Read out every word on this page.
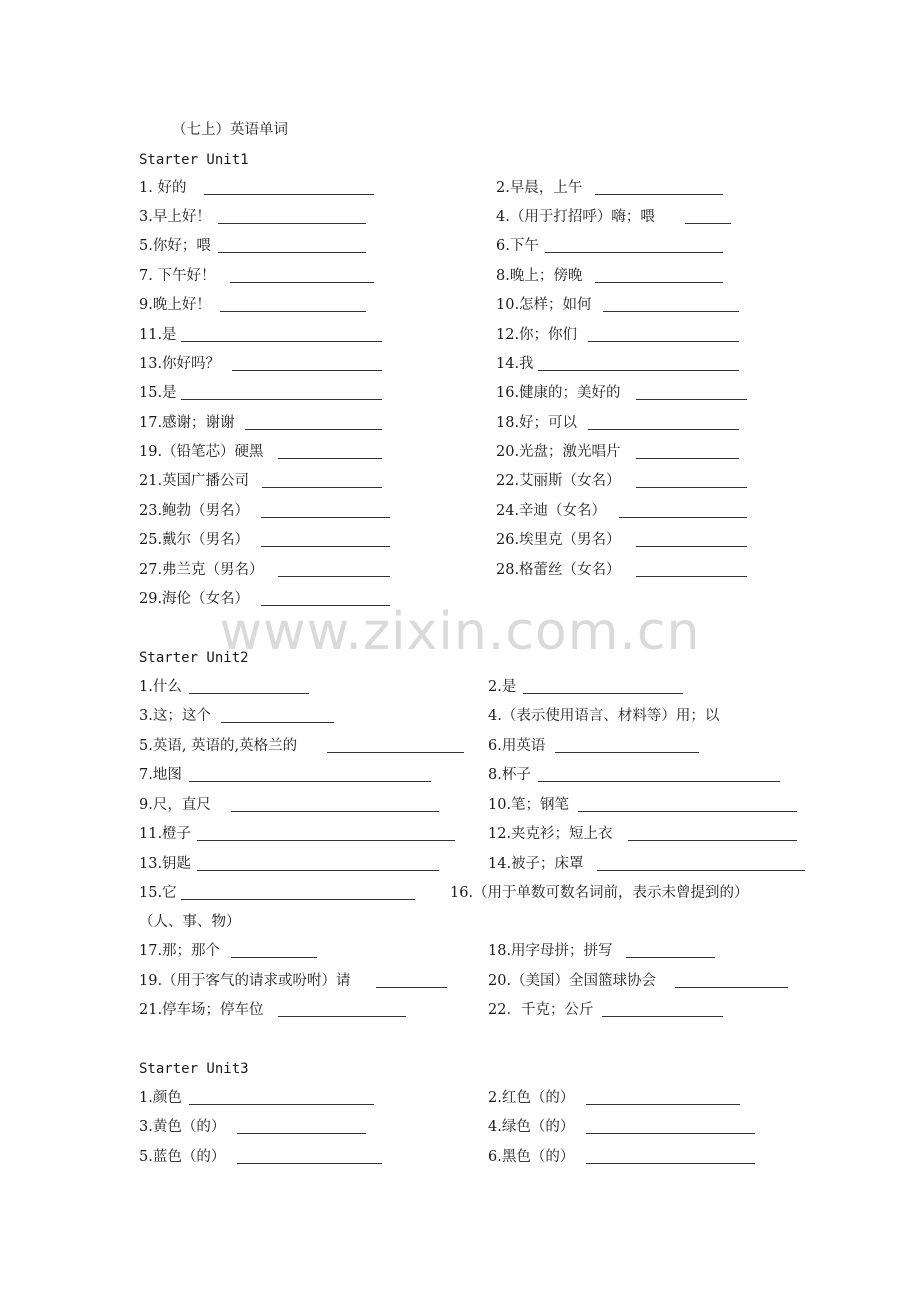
www.zixin.com.cn
（七上）英语单词
Starter Unit1
1. 好的	2.早晨，上午
3.早上好！	4.（用于打招呼）嗨；喂
5.你好；喂	6.下午
7. 下午好！	8.晚上；傍晚
9.晚上好！	10.怎样；如何
11.是	12.你；你们
13.你好吗？	14.我
15.是	16.健康的；美好的
17.感谢；谢谢	18.好；可以
19.（铅笔芯）硬黑	20.光盘；激光唱片
21.英国广播公司	22.艾丽斯（女名）
23.鲍勃（男名）	24.辛迪（女名）
25.戴尔（男名）	26.埃里克（男名）
27.弗兰克（男名）	28.格蕾丝（女名）
29.海伦（女名）
Starter Unit2
1.什么	2.是
3.这；这个	4.（表示使用语言、材料等）用；以
5.英语, 英语的,英格兰的	6.用英语
7.地图	8.杯子
9.尺，直尺	10.笔；钢笔
11.橙子	12.夹克衫；短上衣
13.钥匙	14.被子；床罩
15.它	16.（用于单数可数名词前，表示未曾提到的）
（人、事、物）
17.那；那个	18.用字母拼；拼写
19.（用于客气的请求或吩咐）请	20.（美国）全国篮球协会
21.停车场；停车位	22．千克；公斤
Starter Unit3
1.颜色	2.红色（的）
3.黄色（的）	4.绿色（的）
5.蓝色（的）	6.黑色（的）
